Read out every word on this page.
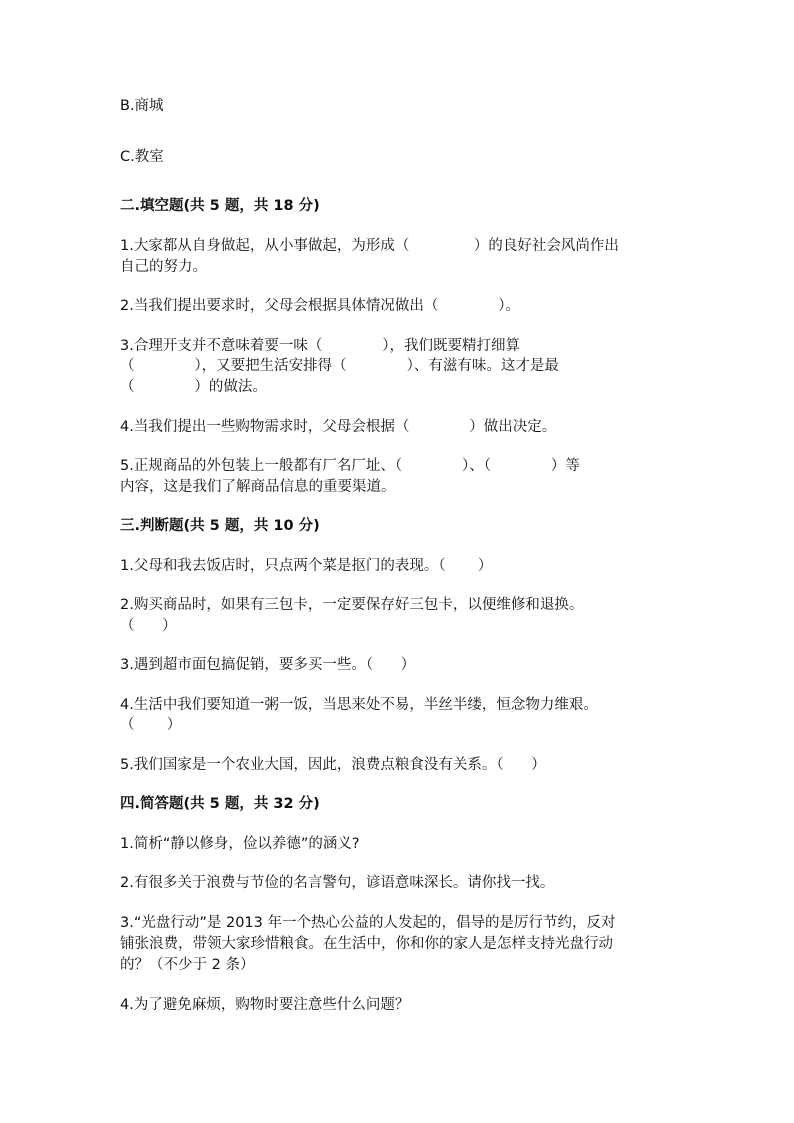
B.商城
C.教室
二.填空题(共 5 题，共 18 分)
1.大家都从自身做起，从小事做起，为形成（              ）的良好社会风尚作出
自己的努力。
2.当我们提出要求时，父母会根据具体情况做出（             ）。
3.合理开支并不意味着要一味（             ），我们既要精打细算
（             ），又要把生活安排得（             ）、有滋有味。这才是最
（             ）的做法。
4.当我们提出一些购物需求时，父母会根据（             ）做出决定。
5.正规商品的外包装上一般都有厂名厂址、（             ）、（             ）等
内容，这是我们了解商品信息的重要渠道。
三.判断题(共 5 题，共 10 分)
1.父母和我去饭店时，只点两个菜是抠门的表现。（       ）
2.购买商品时，如果有三包卡，一定要保存好三包卡，以便维修和退换。
（      ）
3.遇到超市面包搞促销，要多买一些。（      ）
4.生活中我们要知道一粥一饭，当思来处不易，半丝半缕，恒念物力维艰。
（       ）
5.我们国家是一个农业大国，因此，浪费点粮食没有关系。（      ）
四.简答题(共 5 题，共 32 分)
1.简析“静以修身，俭以养德”的涵义?
2.有很多关于浪费与节俭的名言警句，谚语意味深长。请你找一找。
3.“光盘行动”是 2013 年一个热心公益的人发起的，倡导的是厉行节约，反对
铺张浪费，带领大家珍惜粮食。在生活中，你和你的家人是怎样支持光盘行动
的？（不少于 2 条）
4.为了避免麻烦，购物时要注意些什么问题？
